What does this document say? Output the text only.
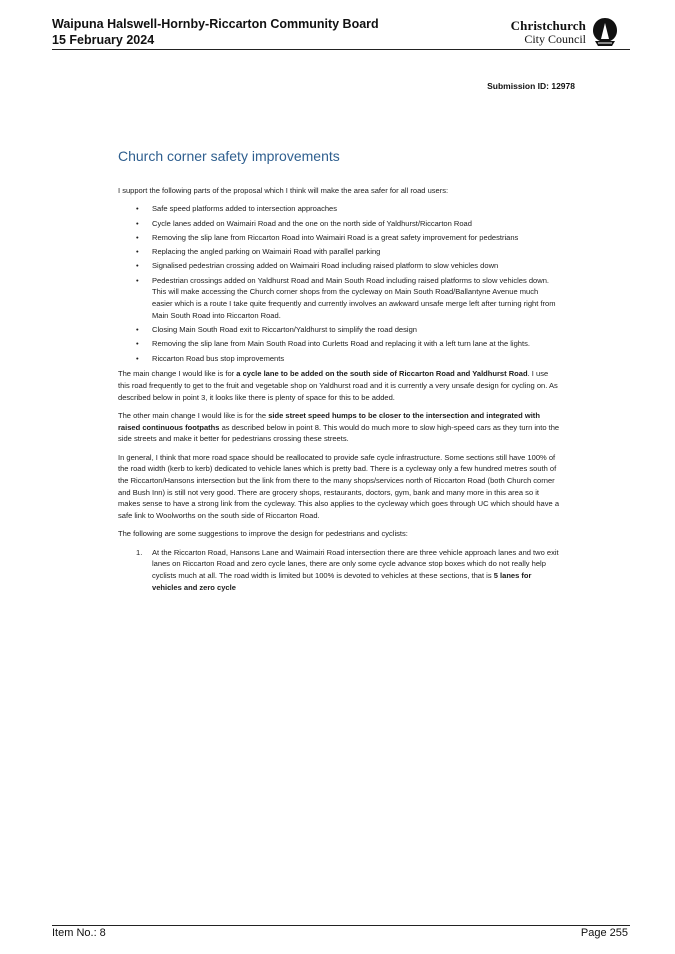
Waipuna Halswell-Hornby-Riccarton Community Board
15 February 2024
Christchurch
City Council
Submission ID: 12978
Church corner safety improvements

I support the following parts of the proposal which I think will make the area safer for all road users:

• Safe speed platforms added to intersection approaches
• Cycle lanes added on Waimairi Road and the one on the north side of Yaldhurst/Riccarton Road
• Removing the slip lane from Riccarton Road into Waimairi Road is a great safety improvement for pedestrians
• Replacing the angled parking on Waimairi Road with parallel parking
• Signalised pedestrian crossing added on Waimairi Road including raised platform to slow vehicles down
• Pedestrian crossings added on Yaldhurst Road and Main South Road including raised platforms to slow vehicles down. This will make accessing the Church corner shops from the cycleway on Main South Road/Ballantyne Avenue much easier which is a route I take quite frequently and currently involves an awkward unsafe merge left after turning right from Main South Road into Riccarton Road.
• Closing Main South Road exit to Riccarton/Yaldhurst to simplify the road design
• Removing the slip lane from Main South Road into Curletts Road and replacing it with a left turn lane at the lights.
• Riccarton Road bus stop improvements

The main change I would like is for a cycle lane to be added on the south side of Riccarton Road and Yaldhurst Road. I use this road frequently to get to the fruit and vegetable shop on Yaldhurst road and it is currently a very unsafe design for cycling on. As described below in point 3, it looks like there is plenty of space for this to be added.

The other main change I would like is for the side street speed humps to be closer to the intersection and integrated with raised continuous footpaths as described below in point 8. This would do much more to slow high-speed cars as they turn into the side streets and make it better for pedestrians crossing these streets.

In general, I think that more road space should be reallocated to provide safe cycle infrastructure. Some sections still have 100% of the road width (kerb to kerb) dedicated to vehicle lanes which is pretty bad. There is a cycleway only a few hundred metres south of the Riccarton/Hansons intersection but the link from there to the many shops/services north of Riccarton Road (both Church corner and Bush Inn) is still not very good. There are grocery shops, restaurants, doctors, gym, bank and many more in this area so it makes sense to have a strong link from the cycleway. This also applies to the cycleway which goes through UC which should have a safe link to Woolworths on the south side of Riccarton Road.

The following are some suggestions to improve the design for pedestrians and cyclists:

1. At the Riccarton Road, Hansons Lane and Waimairi Road intersection there are three vehicle approach lanes and two exit lanes on Riccarton Road and zero cycle lanes, there are only some cycle advance stop boxes which do not really help cyclists much at all. The road width is limited but 100% is devoted to vehicles at these sections, that is 5 lanes for vehicles and zero cycle
Item No.: 8	Page 255
